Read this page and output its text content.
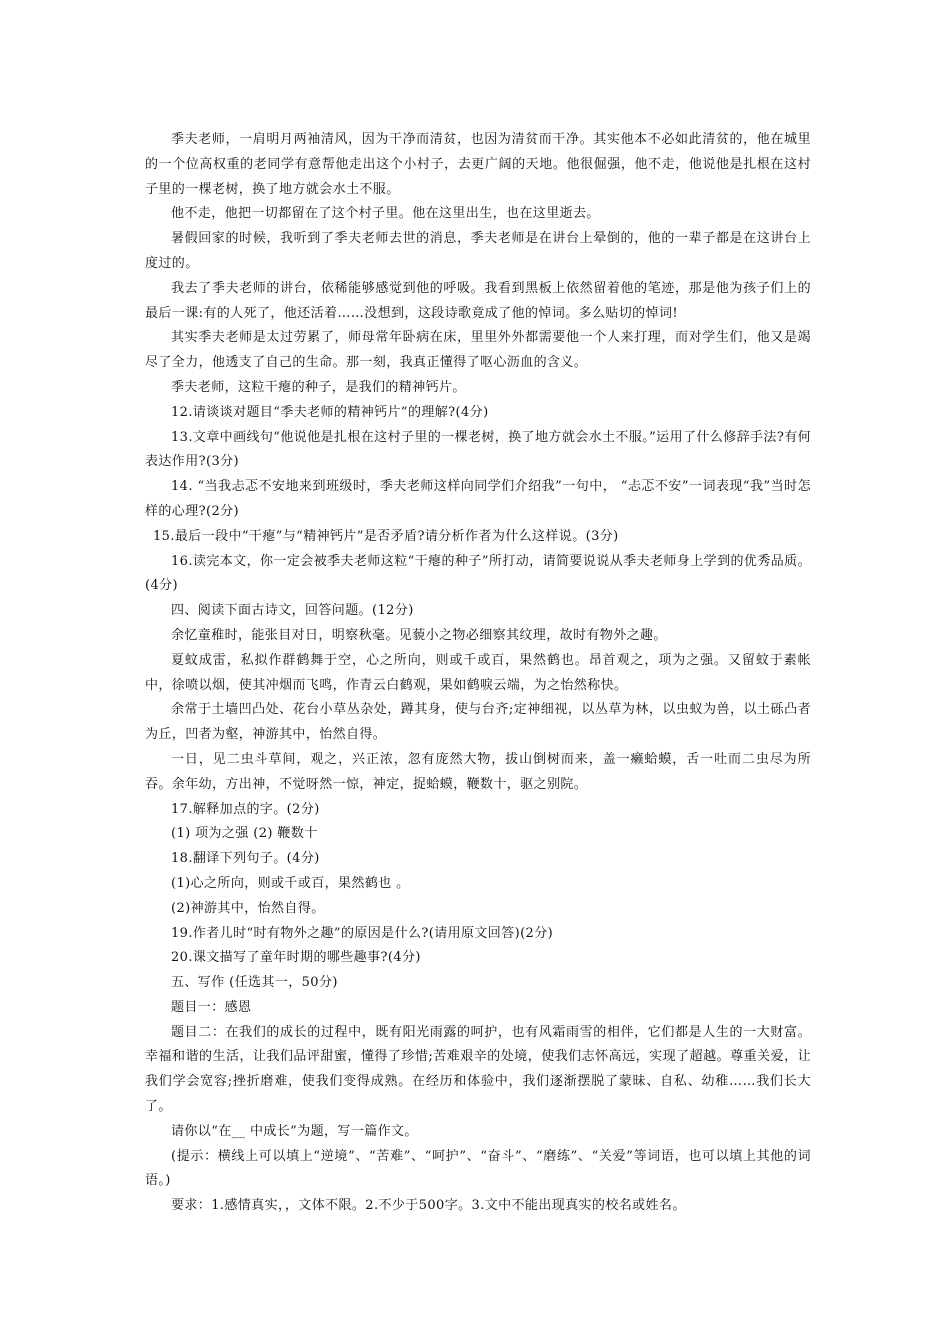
季夫老师，一肩明月两袖清风，因为干净而清贫，也因为清贫而干净。其实他本不必如此清贫的，他在城里的一个位高权重的老同学有意帮他走出这个小村子，去更广阔的天地。他很倔强，他不走，他说他是扎根在这村子里的一棵老树，换了地方就会水土不服。

他不走，他把一切都留在了这个村子里。他在这里出生，也在这里逝去。

暑假回家的时候，我听到了季夫老师去世的消息，季夫老师是在讲台上晕倒的，他的一辈子都是在这讲台上度过的。

我去了季夫老师的讲台，依稀能够感觉到他的呼吸。我看到黑板上依然留着他的笔迹，那是他为孩子们上的最后一课:有的人死了，他还活着……没想到，这段诗歌竟成了他的悼词。多么贴切的悼词!

其实季夫老师是太过劳累了，师母常年卧病在床，里里外外都需要他一个人来打理，而对学生们，他又是竭尽了全力，他透支了自己的生命。那一刻，我真正懂得了呕心沥血的含义。

季夫老师，这粒干瘪的种子，是我们的精神钙片。

12.请谈谈对题目“季夫老师的精神钙片”的理解?(4分)

13.文章中画线句“他说他是扎根在这村子里的一棵老树，换了地方就会水土不服。”运用了什么修辞手法?有何表达作用?(3分)

14. “当我忐忑不安地来到班级时，季夫老师这样向同学们介绍我”一句中， “忐忑不安”一词表现“我”当时怎样的心理?(2分)

15.最后一段中“干瘪”与“精神钙片”是否矛盾?请分析作者为什么这样说。(3分)

16.读完本文，你一定会被季夫老师这粒“干瘪的种子”所打动，请简要说说从季夫老师身上学到的优秀品质。(4分)

四、阅读下面古诗文，回答问题。(12分)

余忆童稚时，能张目对日，明察秋毫。见藐小之物必细察其纹理，故时有物外之趣。

夏蚊成雷，私拟作群鹤舞于空，心之所向，则或千或百，果然鹤也。昂首观之，项为之强。又留蚊于素帐中，徐喷以烟，使其冲烟而飞鸣，作青云白鹤观，果如鹤唳云端，为之怡然称快。

余常于土墙凹凸处、花台小草丛杂处，蹲其身，使与台齐;定神细视，以丛草为林，以虫蚁为兽，以土砾凸者为丘，凹者为壑，神游其中，怡然自得。

一日，见二虫斗草间，观之，兴正浓，忽有庞然大物，拔山倒树而来，盖一癞蛤蟆，舌一吐而二虫尽为所吞。余年幼，方出神，不觉呀然一惊，神定，捉蛤蟆，鞭数十，驱之别院。

17.解释加点的字。(2分)

(1) 项为之强 (2) 鞭数十

18.翻译下列句子。(4分)

(1)心之所向，则或千或百，果然鹤也 。

(2)神游其中，怡然自得。

19.作者儿时“时有物外之趣”的原因是什么?(请用原文回答)(2分)

20.课文描写了童年时期的哪些趣事?(4分)

五、写作 (任选其一，50分)

题目一：感恩

题目二：在我们的成长的过程中，既有阳光雨露的呵护，也有风霜雨雪的相伴，它们都是人生的一大财富。幸福和谐的生活，让我们品评甜蜜，懂得了珍惜;苦难艰辛的处境，使我们志怀高远，实现了超越。尊重关爱，让我们学会宽容;挫折磨难，使我们变得成熟。在经历和体验中，我们逐渐摆脱了蒙昧、自私、幼稚……我们长大了。

请你以“在__ 中成长”为题，写一篇作文。

(提示：横线上可以填上“逆境”、“苦难”、“呵护”、“奋斗”、“磨练”、“关爱”等词语，也可以填上其他的词语。)

要求：1.感情真实，，文体不限。2.不少于500字。3.文中不能出现真实的校名或姓名。
